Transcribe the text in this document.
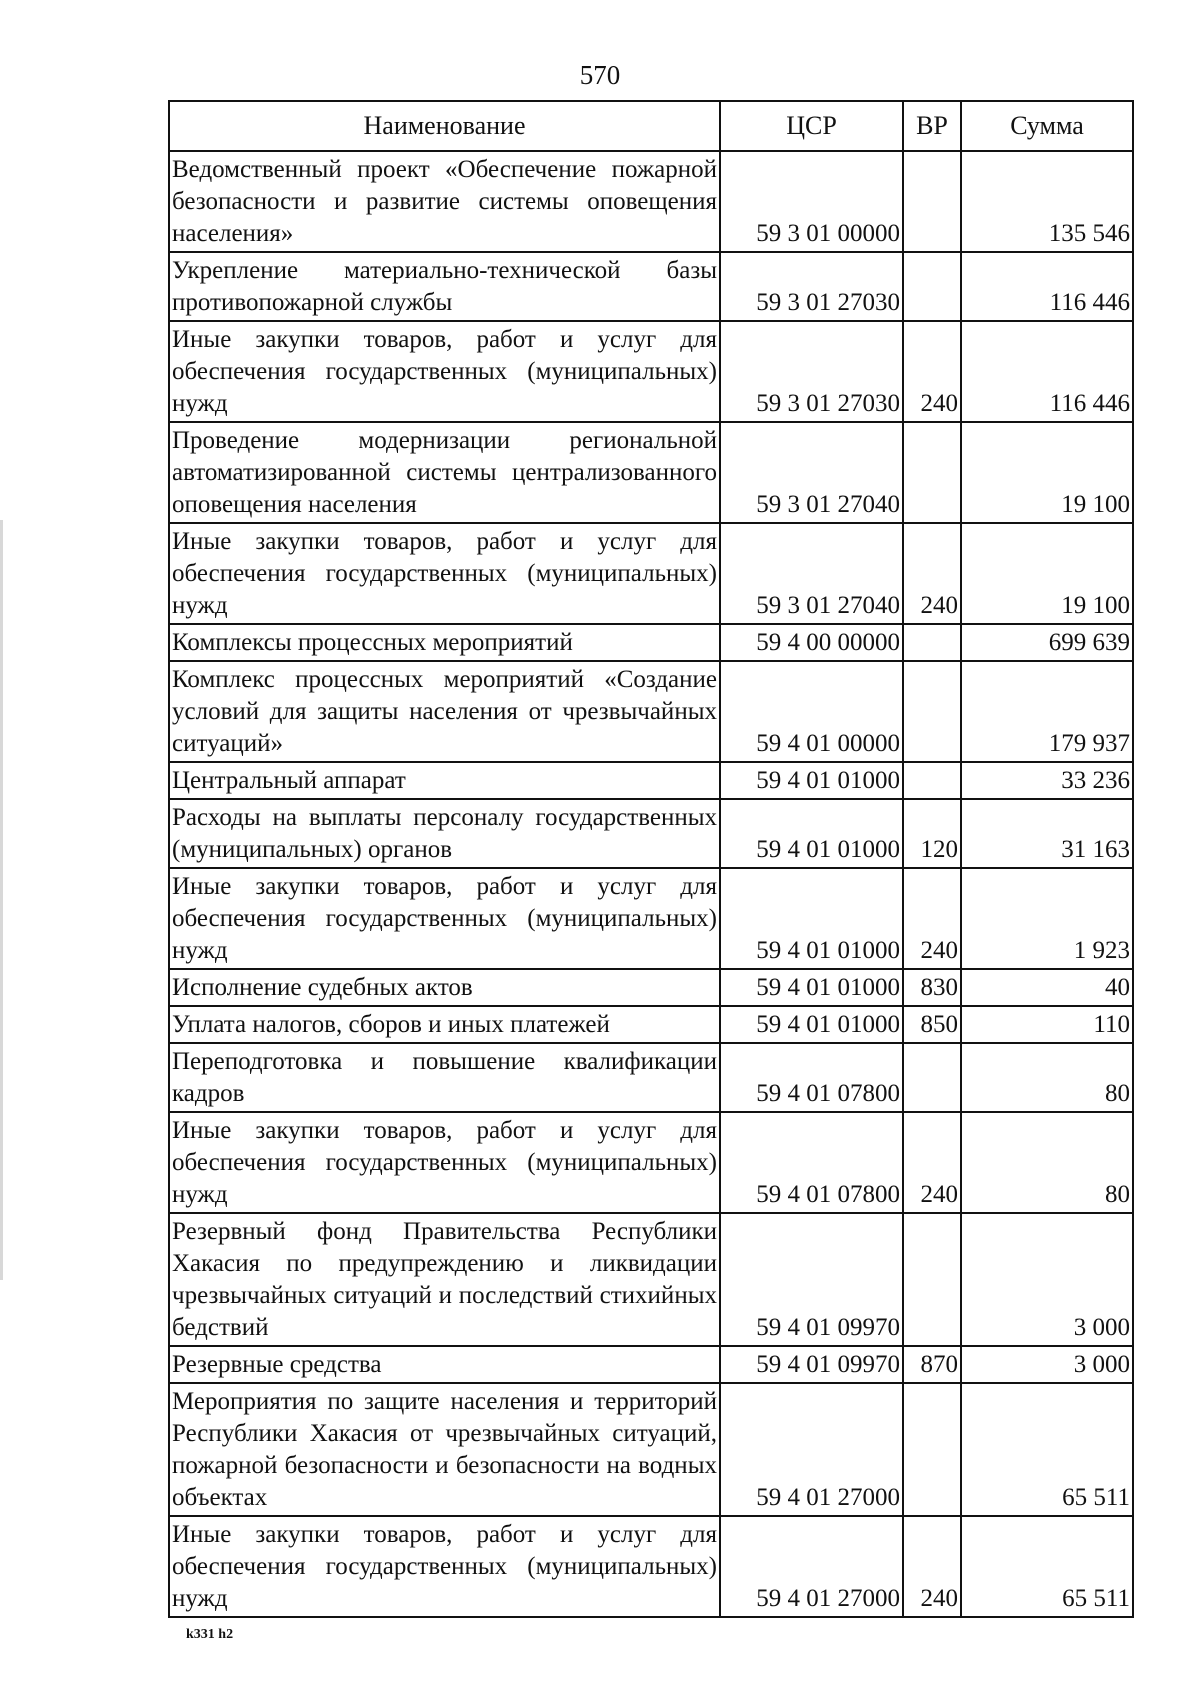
570
Наименование	ЦСР	ВР	Сумма
Ведомственный проект «Обеспечение пожарной безопасности и развитие системы оповещения населения»	59 3 01 00000		135 546
Укрепление материально-технической базы противопожарной службы	59 3 01 27030		116 446
Иные закупки товаров, работ и услуг для обеспечения государственных (муниципальных) нужд	59 3 01 27030	240	116 446
Проведение модернизации региональной автоматизированной системы централизованного оповещения населения	59 3 01 27040		19 100
Иные закупки товаров, работ и услуг для обеспечения государственных (муниципальных) нужд	59 3 01 27040	240	19 100
Комплексы процессных мероприятий	59 4 00 00000		699 639
Комплекс процессных мероприятий «Создание условий для защиты населения от чрезвычайных ситуаций»	59 4 01 00000		179 937
Центральный аппарат	59 4 01 01000		33 236
Расходы на выплаты персоналу государственных (муниципальных) органов	59 4 01 01000	120	31 163
Иные закупки товаров, работ и услуг для обеспечения государственных (муниципальных) нужд	59 4 01 01000	240	1 923
Исполнение судебных актов	59 4 01 01000	830	40
Уплата налогов, сборов и иных платежей	59 4 01 01000	850	110
Переподготовка и повышение квалификации кадров	59 4 01 07800		80
Иные закупки товаров, работ и услуг для обеспечения государственных (муниципальных) нужд	59 4 01 07800	240	80
Резервный фонд Правительства Республики Хакасия по предупреждению и ликвидации чрезвычайных ситуаций и последствий стихийных бедствий	59 4 01 09970		3 000
Резервные средства	59 4 01 09970	870	3 000
Мероприятия по защите населения и территорий Республики Хакасия от чрезвычайных ситуаций, пожарной безопасности и безопасности на водных объектах	59 4 01 27000		65 511
Иные закупки товаров, работ и услуг для обеспечения государственных (муниципальных) нужд	59 4 01 27000	240	65 511
k331 h2
